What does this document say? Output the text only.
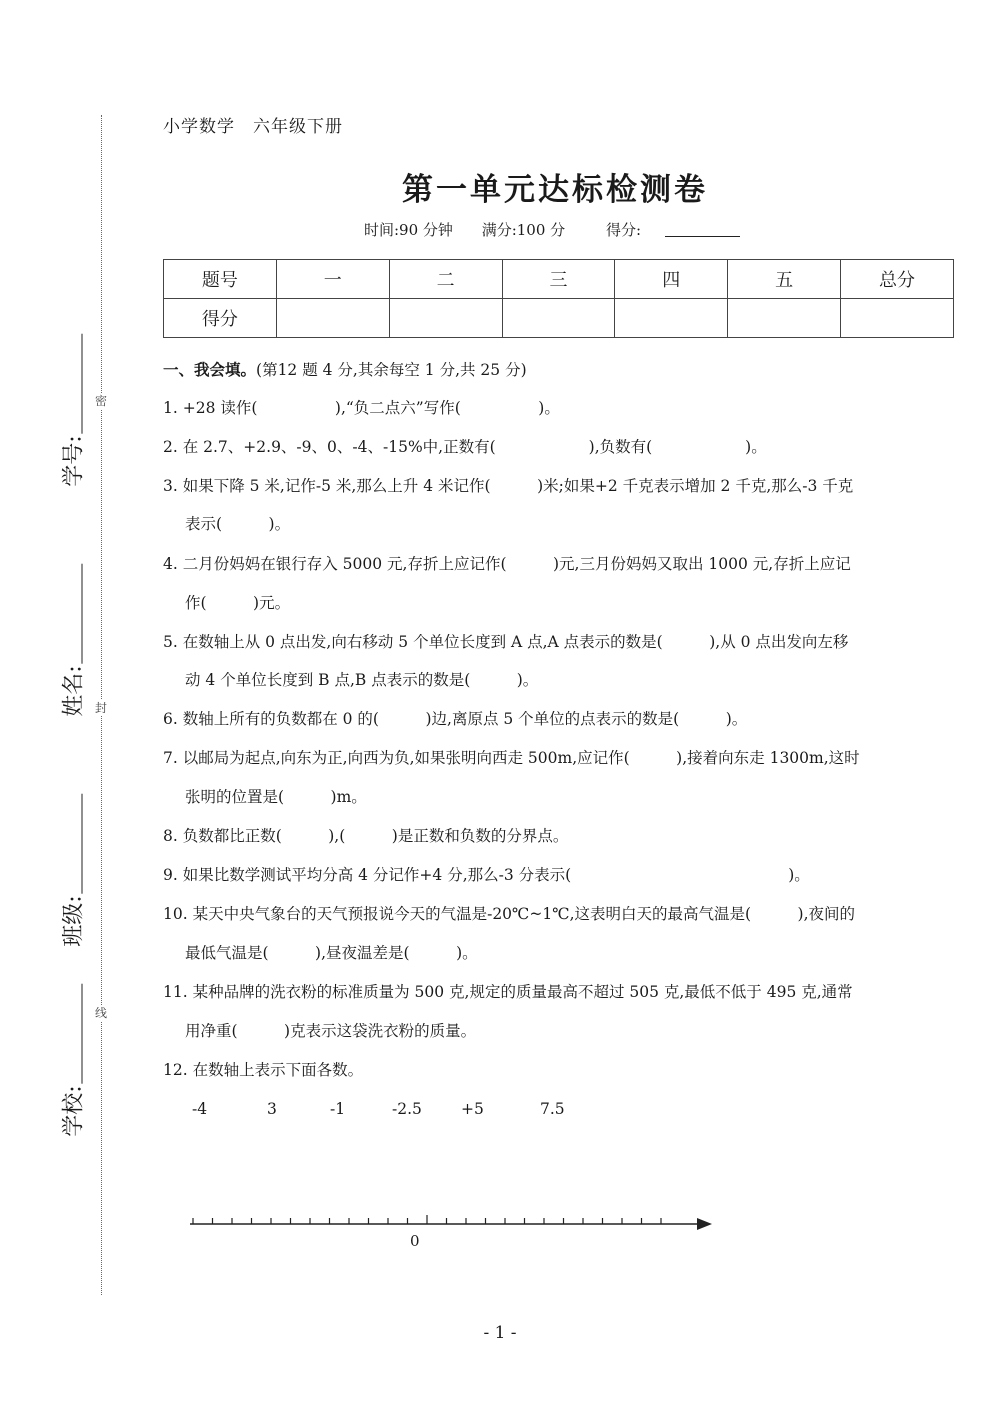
密
封
线
学号:
姓名:
班级:
学校:
小学数学　六年级下册
第一单元达标检测卷
时间:90 分钟 满分:100 分	得分:
题号	一	二	三	四	五	总分
得分						
一、我会填。(第12 题 4 分,其余每空 1 分,共 25 分)
1. +28 读作(　　　　　),“负二点六”写作(　　　　　)。
2. 在 2.7、+2.9、-9、0、-4、-15%中,正数有(　　　　　　),负数有(　　　　　　)。
3. 如果下降 5 米,记作-5 米,那么上升 4 米记作(　　　)米;如果+2 千克表示增加 2 千克,那么-3 千克
表示(　　　)。
4. 二月份妈妈在银行存入 5000 元,存折上应记作(　　　)元,三月份妈妈又取出 1000 元,存折上应记
作(　　　)元。
5. 在数轴上从 0 点出发,向右移动 5 个单位长度到 A 点,A 点表示的数是(　　　),从 0 点出发向左移
动 4 个单位长度到 B 点,B 点表示的数是(　　　)。
6. 数轴上所有的负数都在 0 的(　　　)边,离原点 5 个单位的点表示的数是(　　　)。
7. 以邮局为起点,向东为正,向西为负,如果张明向西走 500m,应记作(　　　),接着向东走 1300m,这时
张明的位置是(　　　)m。
8. 负数都比正数(　　　),(　　　)是正数和负数的分界点。
9. 如果比数学测试平均分高 4 分记作+4 分,那么-3 分表示(　　　　　　　　　　　　　　)。
10. 某天中央气象台的天气预报说今天的气温是-20℃~1℃,这表明白天的最高气温是(　　　),夜间的
最低气温是(　　　),昼夜温差是(　　　)。
11. 某种品牌的洗衣粉的标准质量为 500 克,规定的质量最高不超过 505 克,最低不低于 495 克,通常
用净重(　　　)克表示这袋洗衣粉的质量。
12. 在数轴上表示下面各数。
-4	3	-1	-2.5	+5	7.5
0
- 1 -
